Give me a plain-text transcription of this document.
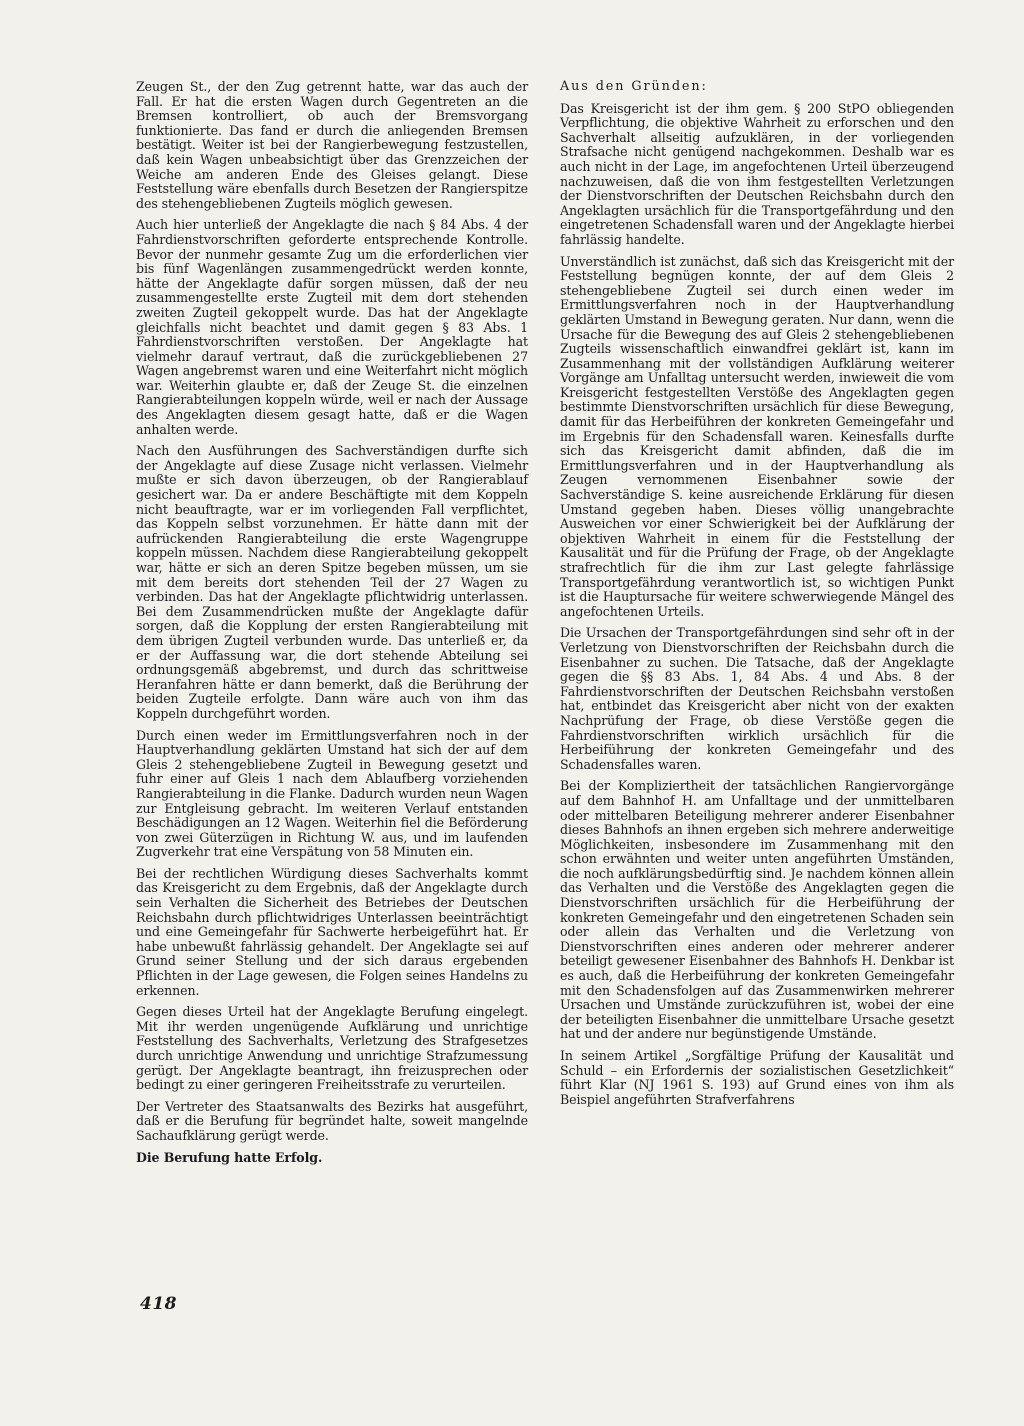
Zeugen St., der den Zug getrennt hatte, war das auch der Fall. Er hat die ersten Wagen durch Gegentreten an die Bremsen kontrolliert, ob auch der Bremsvorgang funktionierte. Das fand er durch die anliegenden Bremsen bestätigt. Weiter ist bei der Rangierbewegung festzustellen, daß kein Wagen unbeabsichtigt über das Grenzzeichen der Weiche am anderen Ende des Gleises gelangt. Diese Feststellung wäre ebenfalls durch Besetzen der Rangierspitze des stehengebliebenen Zugteils möglich gewesen.

Auch hier unterließ der Angeklagte die nach § 84 Abs. 4 der Fahrdienstvorschriften geforderte entsprechende Kontrolle. Bevor der nunmehr gesamte Zug um die erforderlichen vier bis fünf Wagenlängen zusammengedrückt werden konnte, hätte der Angeklagte dafür sorgen müssen, daß der neu zusammengestellte erste Zugteil mit dem dort stehenden zweiten Zugteil gekoppelt wurde. Das hat der Angeklagte gleichfalls nicht beachtet und damit gegen § 83 Abs. 1 Fahrdienstvorschriften verstoßen. Der Angeklagte hat vielmehr darauf vertraut, daß die zurückgebliebenen 27 Wagen angebremst waren und eine Weiterfahrt nicht möglich war. Weiterhin glaubte er, daß der Zeuge St. die einzelnen Rangierabteilungen koppeln würde, weil er nach der Aussage des Angeklagten diesem gesagt hatte, daß er die Wagen anhalten werde.

Nach den Ausführungen des Sachverständigen durfte sich der Angeklagte auf diese Zusage nicht verlassen. Vielmehr mußte er sich davon überzeugen, ob der Rangierablauf gesichert war. Da er andere Beschäftigte mit dem Koppeln nicht beauftragte, war er im vorliegenden Fall verpflichtet, das Koppeln selbst vorzunehmen. Er hätte dann mit der aufrückenden Rangierabteilung die erste Wagengruppe koppeln müssen. Nachdem diese Rangierabteilung gekoppelt war, hätte er sich an deren Spitze begeben müssen, um sie mit dem bereits dort stehenden Teil der 27 Wagen zu verbinden. Das hat der Angeklagte pflichtwidrig unterlassen. Bei dem Zusammendrücken mußte der Angeklagte dafür sorgen, daß die Kopplung der ersten Rangierabteilung mit dem übrigen Zugteil verbunden wurde. Das unterließ er, da er der Auffassung war, die dort stehende Abteilung sei ordnungsgemäß abgebremst, und durch das schrittweise Heranfahren hätte er dann bemerkt, daß die Berührung der beiden Zugteile erfolgte. Dann wäre auch von ihm das Koppeln durchgeführt worden.

Durch einen weder im Ermittlungsverfahren noch in der Hauptverhandlung geklärten Umstand hat sich der auf dem Gleis 2 stehengebliebene Zugteil in Bewegung gesetzt und fuhr einer auf Gleis 1 nach dem Ablaufberg vorziehenden Rangierabteilung in die Flanke. Dadurch wurden neun Wagen zur Entgleisung gebracht. Im weiteren Verlauf entstanden Beschädigungen an 12 Wagen. Weiterhin fiel die Beförderung von zwei Güterzügen in Richtung W. aus, und im laufenden Zugverkehr trat eine Verspätung von 58 Minuten ein.

Bei der rechtlichen Würdigung dieses Sachverhalts kommt das Kreisgericht zu dem Ergebnis, daß der Angeklagte durch sein Verhalten die Sicherheit des Betriebes der Deutschen Reichsbahn durch pflichtwidriges Unterlassen beeinträchtigt und eine Gemeingefahr für Sachwerte herbeigeführt hat. Er habe unbewußt fahrlässig gehandelt. Der Angeklagte sei auf Grund seiner Stellung und der sich daraus ergebenden Pflichten in der Lage gewesen, die Folgen seines Handelns zu erkennen.

Gegen dieses Urteil hat der Angeklagte Berufung eingelegt. Mit ihr werden ungenügende Aufklärung und unrichtige Feststellung des Sachverhalts, Verletzung des Strafgesetzes durch unrichtige Anwendung und unrichtige Strafzumessung gerügt. Der Angeklagte beantragt, ihn freizusprechen oder bedingt zu einer geringeren Freiheitsstrafe zu verurteilen.

Der Vertreter des Staatsanwalts des Bezirks hat ausgeführt, daß er die Berufung für begründet halte, soweit mangelnde Sachaufklärung gerügt werde.

Die Berufung hatte Erfolg.

Aus den Gründen:

Das Kreisgericht ist der ihm gem. § 200 StPO obliegenden Verpflichtung, die objektive Wahrheit zu erforschen und den Sachverhalt allseitig aufzuklären, in der vorliegenden Strafsache nicht genügend nachgekommen. Deshalb war es auch nicht in der Lage, im angefochtenen Urteil überzeugend nachzuweisen, daß die von ihm festgestellten Verletzungen der Dienstvorschriften der Deutschen Reichsbahn durch den Angeklagten ursächlich für die Transportgefährdung und den eingetretenen Schadensfall waren und der Angeklagte hierbei fahrlässig handelte.

Unverständlich ist zunächst, daß sich das Kreisgericht mit der Feststellung begnügen konnte, der auf dem Gleis 2 stehengebliebene Zugteil sei durch einen weder im Ermittlungsverfahren noch in der Hauptverhandlung geklärten Umstand in Bewegung geraten. Nur dann, wenn die Ursache für die Bewegung des auf Gleis 2 stehengebliebenen Zugteils wissenschaftlich einwandfrei geklärt ist, kann im Zusammenhang mit der vollständigen Aufklärung weiterer Vorgänge am Unfalltag untersucht werden, inwieweit die vom Kreisgericht festgestellten Verstöße des Angeklagten gegen bestimmte Dienstvorschriften ursächlich für diese Bewegung, damit für das Herbeiführen der konkreten Gemeingefahr und im Ergebnis für den Schadensfall waren. Keinesfalls durfte sich das Kreisgericht damit abfinden, daß die im Ermittlungsverfahren und in der Hauptverhandlung als Zeugen vernommenen Eisenbahner sowie der Sachverständige S. keine ausreichende Erklärung für diesen Umstand gegeben haben. Dieses völlig unangebrachte Ausweichen vor einer Schwierigkeit bei der Aufklärung der objektiven Wahrheit in einem für die Feststellung der Kausalität und für die Prüfung der Frage, ob der Angeklagte strafrechtlich für die ihm zur Last gelegte fahrlässige Transportgefährdung verantwortlich ist, so wichtigen Punkt ist die Hauptursache für weitere schwerwiegende Mängel des angefochtenen Urteils.

Die Ursachen der Transportgefährdungen sind sehr oft in der Verletzung von Dienstvorschriften der Reichsbahn durch die Eisenbahner zu suchen. Die Tatsache, daß der Angeklagte gegen die §§ 83 Abs. 1, 84 Abs. 4 und Abs. 8 der Fahrdienstvorschriften der Deutschen Reichsbahn verstoßen hat, entbindet das Kreisgericht aber nicht von der exakten Nachprüfung der Frage, ob diese Verstöße gegen die Fahrdienstvorschriften wirklich ursächlich für die Herbeiführung der konkreten Gemeingefahr und des Schadensfalles waren.

Bei der Kompliziertheit der tatsächlichen Rangiervorgänge auf dem Bahnhof H. am Unfalltage und der unmittelbaren oder mittelbaren Beteiligung mehrerer anderer Eisenbahner dieses Bahnhofs an ihnen ergeben sich mehrere anderweitige Möglichkeiten, insbesondere im Zusammenhang mit den schon erwähnten und weiter unten angeführten Umständen, die noch aufklärungsbedürftig sind. Je nachdem können allein das Verhalten und die Verstöße des Angeklagten gegen die Dienstvorschriften ursächlich für die Herbeiführung der konkreten Gemeingefahr und den eingetretenen Schaden sein oder allein das Verhalten und die Verletzung von Dienstvorschriften eines anderen oder mehrerer anderer beteiligt gewesener Eisenbahner des Bahnhofs H. Denkbar ist es auch, daß die Herbeiführung der konkreten Gemeingefahr mit den Schadensfolgen auf das Zusammenwirken mehrerer Ursachen und Umstände zurückzuführen ist, wobei der eine der beteiligten Eisenbahner die unmittelbare Ursache gesetzt hat und der andere nur begünstigende Umstände.

In seinem Artikel „Sorgfältige Prüfung der Kausalität und Schuld – ein Erfordernis der sozialistischen Gesetzlichkeit“ führt Klar (NJ 1961 S. 193) auf Grund eines von ihm als Beispiel angeführten Strafverfahrens

418
